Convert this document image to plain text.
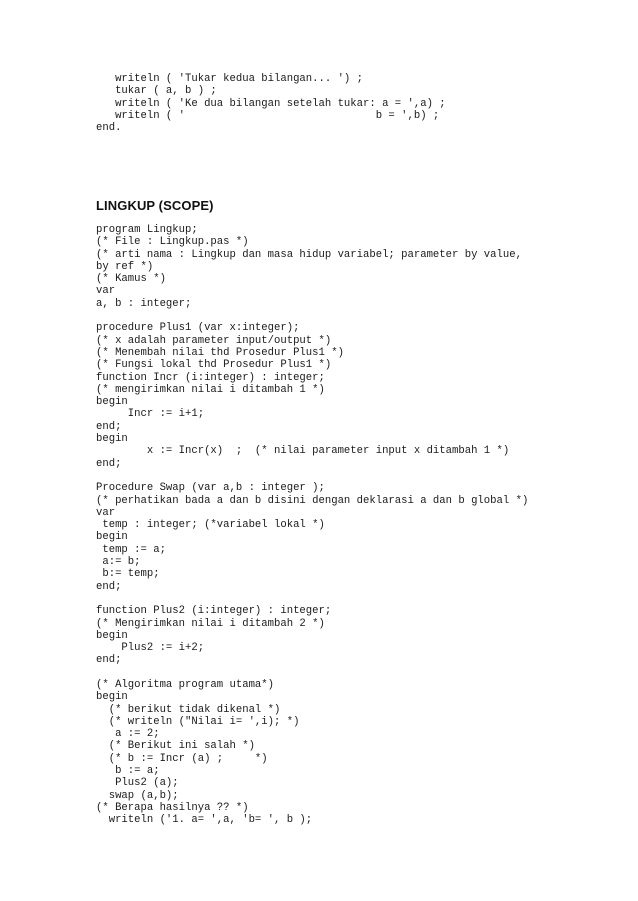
writeln ( 'Tukar kedua bilangan... ') ;
tukar ( a, b ) ;
writeln ( 'Ke dua bilangan setelah tukar: a = ',a) ;
writeln ( '                              b = ',b) ;
end.
LINGKUP (SCOPE)
program Lingkup;
(* File : Lingkup.pas *)
(* arti nama : Lingkup dan masa hidup variabel; parameter by value,
by ref *)
(* Kamus *)
var
a, b : integer;
procedure Plus1 (var x:integer);
(* x adalah parameter input/output *)
(* Menembah nilai thd Prosedur Plus1 *)
(* Fungsi lokal thd Prosedur Plus1 *)
function Incr (i:integer) : integer;
(* mengirimkan nilai i ditambah 1 *)
begin
Incr := i+1;
end;
begin
x := Incr(x)  ;  (* nilai parameter input x ditambah 1 *)
end;
Procedure Swap (var a,b : integer );
(* perhatikan bada a dan b disini dengan deklarasi a dan b global *)
var
temp : integer; (*variabel lokal *)
begin
temp := a;
a:= b;
b:= temp;
end;
function Plus2 (i:integer) : integer;
(* Mengirimkan nilai i ditambah 2 *)
begin
Plus2 := i+2;
end;
(* Algoritma program utama*)
begin
(* berikut tidak dikenal *)
(* writeln ("Nilai i= ',i); *)
a := 2;
(* Berikut ini salah *)
(* b := Incr (a) ;     *)
b := a;
Plus2 (a);
swap (a,b);
(* Berapa hasilnya ?? *)
writeln ('1. a= ',a, 'b= ', b );
